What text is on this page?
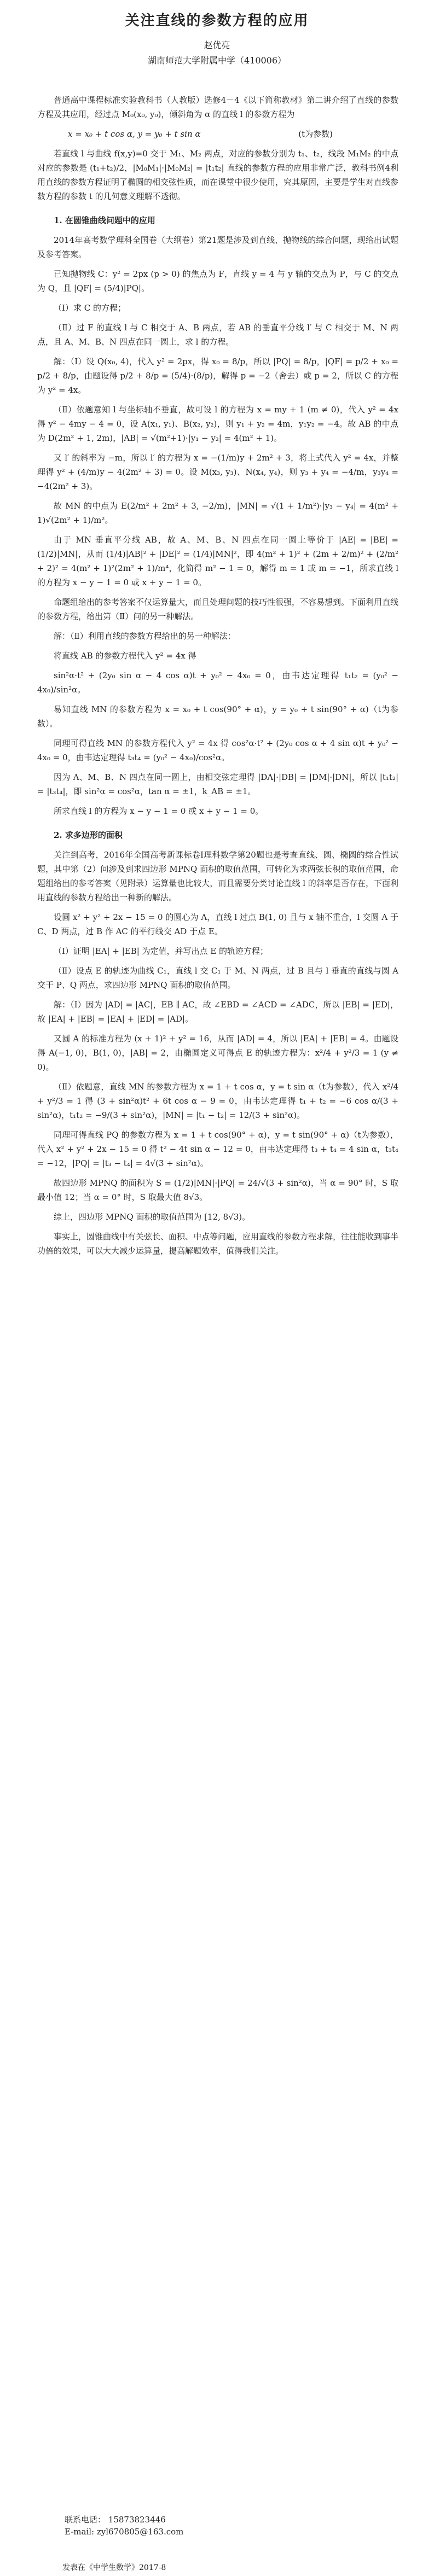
关注直线的参数方程的应用
赵优亮
湖南师范大学附属中学（410006）

普通高中课程标准实验教科书（人教版）选修4－4《以下简称教材》第二讲介绍了直线的参数方程及其应用，经过点 M₀(x₀, y₀)，倾斜角为 α 的直线 l 的参数方程为

x = x₀ + t cos α, y = y₀ + t sin α	(t为参数)

若直线 l 与曲线 f(x,y)=0 交于 M₁、M₂ 两点，对应的参数分别为 t₁、t₂，线段 M₁M₂ 的中点对应的参数是 (t₁+t₂)/2，|M₀M₁|·|M₀M₂| = |t₁t₂| 直线的参数方程的应用非常广泛，教科书例4利用直线的参数方程证明了椭圆的相交弦性质，而在课堂中很少使用，究其原因，主要是学生对直线参数方程的参数 t 的几何意义理解不透彻。

1. 在圆锥曲线问题中的应用

2014年高考数学理科全国卷（大纲卷）第21题是涉及到直线、抛物线的综合问题，现给出试题及参考答案。

已知抛物线 C：y² = 2px (p > 0) 的焦点为 F，直线 y = 4 与 y 轴的交点为 P，与 C 的交点为 Q，且 |QF| = (5/4)|PQ|。

（Ⅰ）求 C 的方程；

（Ⅱ）过 F 的直线 l 与 C 相交于 A、B 两点，若 AB 的垂直平分线 l′ 与 C 相交于 M、N 两点，且 A、M、B、N 四点在同一圆上，求 l 的方程。

解：（Ⅰ）设 Q(x₀, 4)，代入 y² = 2px，得 x₀ = 8/p，所以 |PQ| = 8/p，|QF| = p/2 + x₀ = p/2 + 8/p，由题设得 p/2 + 8/p = (5/4)·(8/p)，解得 p = −2（舍去）或 p = 2，所以 C 的方程为 y² = 4x。

（Ⅱ）依题意知 l 与坐标轴不垂直，故可设 l 的方程为 x = my + 1 (m ≠ 0)，代入 y² = 4x 得 y² − 4my − 4 = 0，设 A(x₁, y₁)、B(x₂, y₂)，则 y₁ + y₂ = 4m，y₁y₂ = −4。故 AB 的中点为 D(2m² + 1, 2m)，|AB| = √(m²+1)·|y₁ − y₂| = 4(m² + 1)。

又 l′ 的斜率为 −m，所以 l′ 的方程为 x = −(1/m)y + 2m² + 3，将上式代入 y² = 4x，并整理得 y² + (4/m)y − 4(2m² + 3) = 0。设 M(x₃, y₃)、N(x₄, y₄)，则 y₃ + y₄ = −4/m，y₃y₄ = −4(2m² + 3)。

故 MN 的中点为 E(2/m² + 2m² + 3, −2/m)，|MN| = √(1 + 1/m²)·|y₃ − y₄| = 4(m² + 1)√(2m² + 1)/m²。

由于 MN 垂直平分线 AB，故 A、M、B、N 四点在同一圆上等价于 |AE| = |BE| = (1/2)|MN|，从而 (1/4)|AB|² + |DE|² = (1/4)|MN|²，即 4(m² + 1)² + (2m + 2/m)² + (2/m² + 2)² = 4(m² + 1)²(2m² + 1)/m⁴，化简得 m² − 1 = 0，解得 m = 1 或 m = −1，所求直线 l 的方程为 x − y − 1 = 0 或 x + y − 1 = 0。

命题组给出的参考答案不仅运算量大，而且处理问题的技巧性很强，不容易想到。下面利用直线的参数方程，给出第（Ⅱ）问的另一种解法。

解：（Ⅱ）利用直线的参数方程给出的另一种解法：

将直线 AB 的参数方程代入 y² = 4x 得

sin²α·t² + (2y₀ sin α − 4 cos α)t + y₀² − 4x₀ = 0，由韦达定理得 t₁t₂ = (y₀² − 4x₀)/sin²α。

易知直线 MN 的参数方程为 x = x₀ + t cos(90° + α)，y = y₀ + t sin(90° + α)（t为参数）。

同理可得直线 MN 的参数方程代入 y² = 4x 得 cos²α·t² + (2y₀ cos α + 4 sin α)t + y₀² − 4x₀ = 0，由韦达定理得 t₃t₄ = (y₀² − 4x₀)/cos²α。

因为 A、M、B、N 四点在同一圆上，由相交弦定理得 |DA|·|DB| = |DM|·|DN|，所以 |t₁t₂| = |t₃t₄|，即 sin²α = cos²α，tan α = ±1，k_AB = ±1。

所求直线 l 的方程为 x − y − 1 = 0 或 x + y − 1 = 0。

2. 求多边形的面积

关注到高考，2016年全国高考新课标卷Ⅰ理科数学第20题也是考查直线、圆、椭圆的综合性试题，其中第（2）问涉及到求四边形 MPNQ 面积的取值范围，可转化为求两弦长积的取值范围，命题组给出的参考答案（见附录）运算量也比较大，而且需要分类讨论直线 l 的斜率是否存在，下面利用直线的参数方程给出一种新的解法。

设圆 x² + y² + 2x − 15 = 0 的圆心为 A，直线 l 过点 B(1, 0) 且与 x 轴不重合，l 交圆 A 于 C、D 两点，过 B 作 AC 的平行线交 AD 于点 E。

（Ⅰ）证明 |EA| + |EB| 为定值，并写出点 E 的轨迹方程；

（Ⅱ）设点 E 的轨迹为曲线 C₁，直线 l 交 C₁ 于 M、N 两点，过 B 且与 l 垂直的直线与圆 A 交于 P、Q 两点，求四边形 MPNQ 面积的取值范围。

解：（Ⅰ）因为 |AD| = |AC|，EB ∥ AC，故 ∠EBD = ∠ACD = ∠ADC，所以 |EB| = |ED|，故 |EA| + |EB| = |EA| + |ED| = |AD|。

又圆 A 的标准方程为 (x + 1)² + y² = 16，从而 |AD| = 4，所以 |EA| + |EB| = 4。由题设得 A(−1, 0)，B(1, 0)，|AB| = 2，由椭圆定义可得点 E 的轨迹方程为：x²/4 + y²/3 = 1 (y ≠ 0)。

（Ⅱ）依题意，直线 MN 的参数方程为 x = 1 + t cos α，y = t sin α（t为参数），代入 x²/4 + y²/3 = 1 得 (3 + sin²α)t² + 6t cos α − 9 = 0，由韦达定理得 t₁ + t₂ = −6 cos α/(3 + sin²α)，t₁t₂ = −9/(3 + sin²α)，|MN| = |t₁ − t₂| = 12/(3 + sin²α)。

同理可得直线 PQ 的参数方程为 x = 1 + t cos(90° + α)，y = t sin(90° + α)（t为参数），代入 x² + y² + 2x − 15 = 0 得 t² − 4t sin α − 12 = 0，由韦达定理得 t₃ + t₄ = 4 sin α，t₃t₄ = −12，|PQ| = |t₃ − t₄| = 4√(3 + sin²α)。

故四边形 MPNQ 的面积为 S = (1/2)|MN|·|PQ| = 24/√(3 + sin²α)，当 α = 90° 时，S 取最小值 12；当 α = 0° 时，S 取最大值 8√3。

综上，四边形 MPNQ 面积的取值范围为 [12, 8√3)。

事实上，圆锥曲线中有关弦长、面积、中点等问题，应用直线的参数方程求解，往往能收到事半功倍的效果，可以大大减少运算量，提高解题效率，值得我们关注。

联系电话： 15873823446
E-mail: zyl670805@163.com
发表在《中学生数学》2017-8
